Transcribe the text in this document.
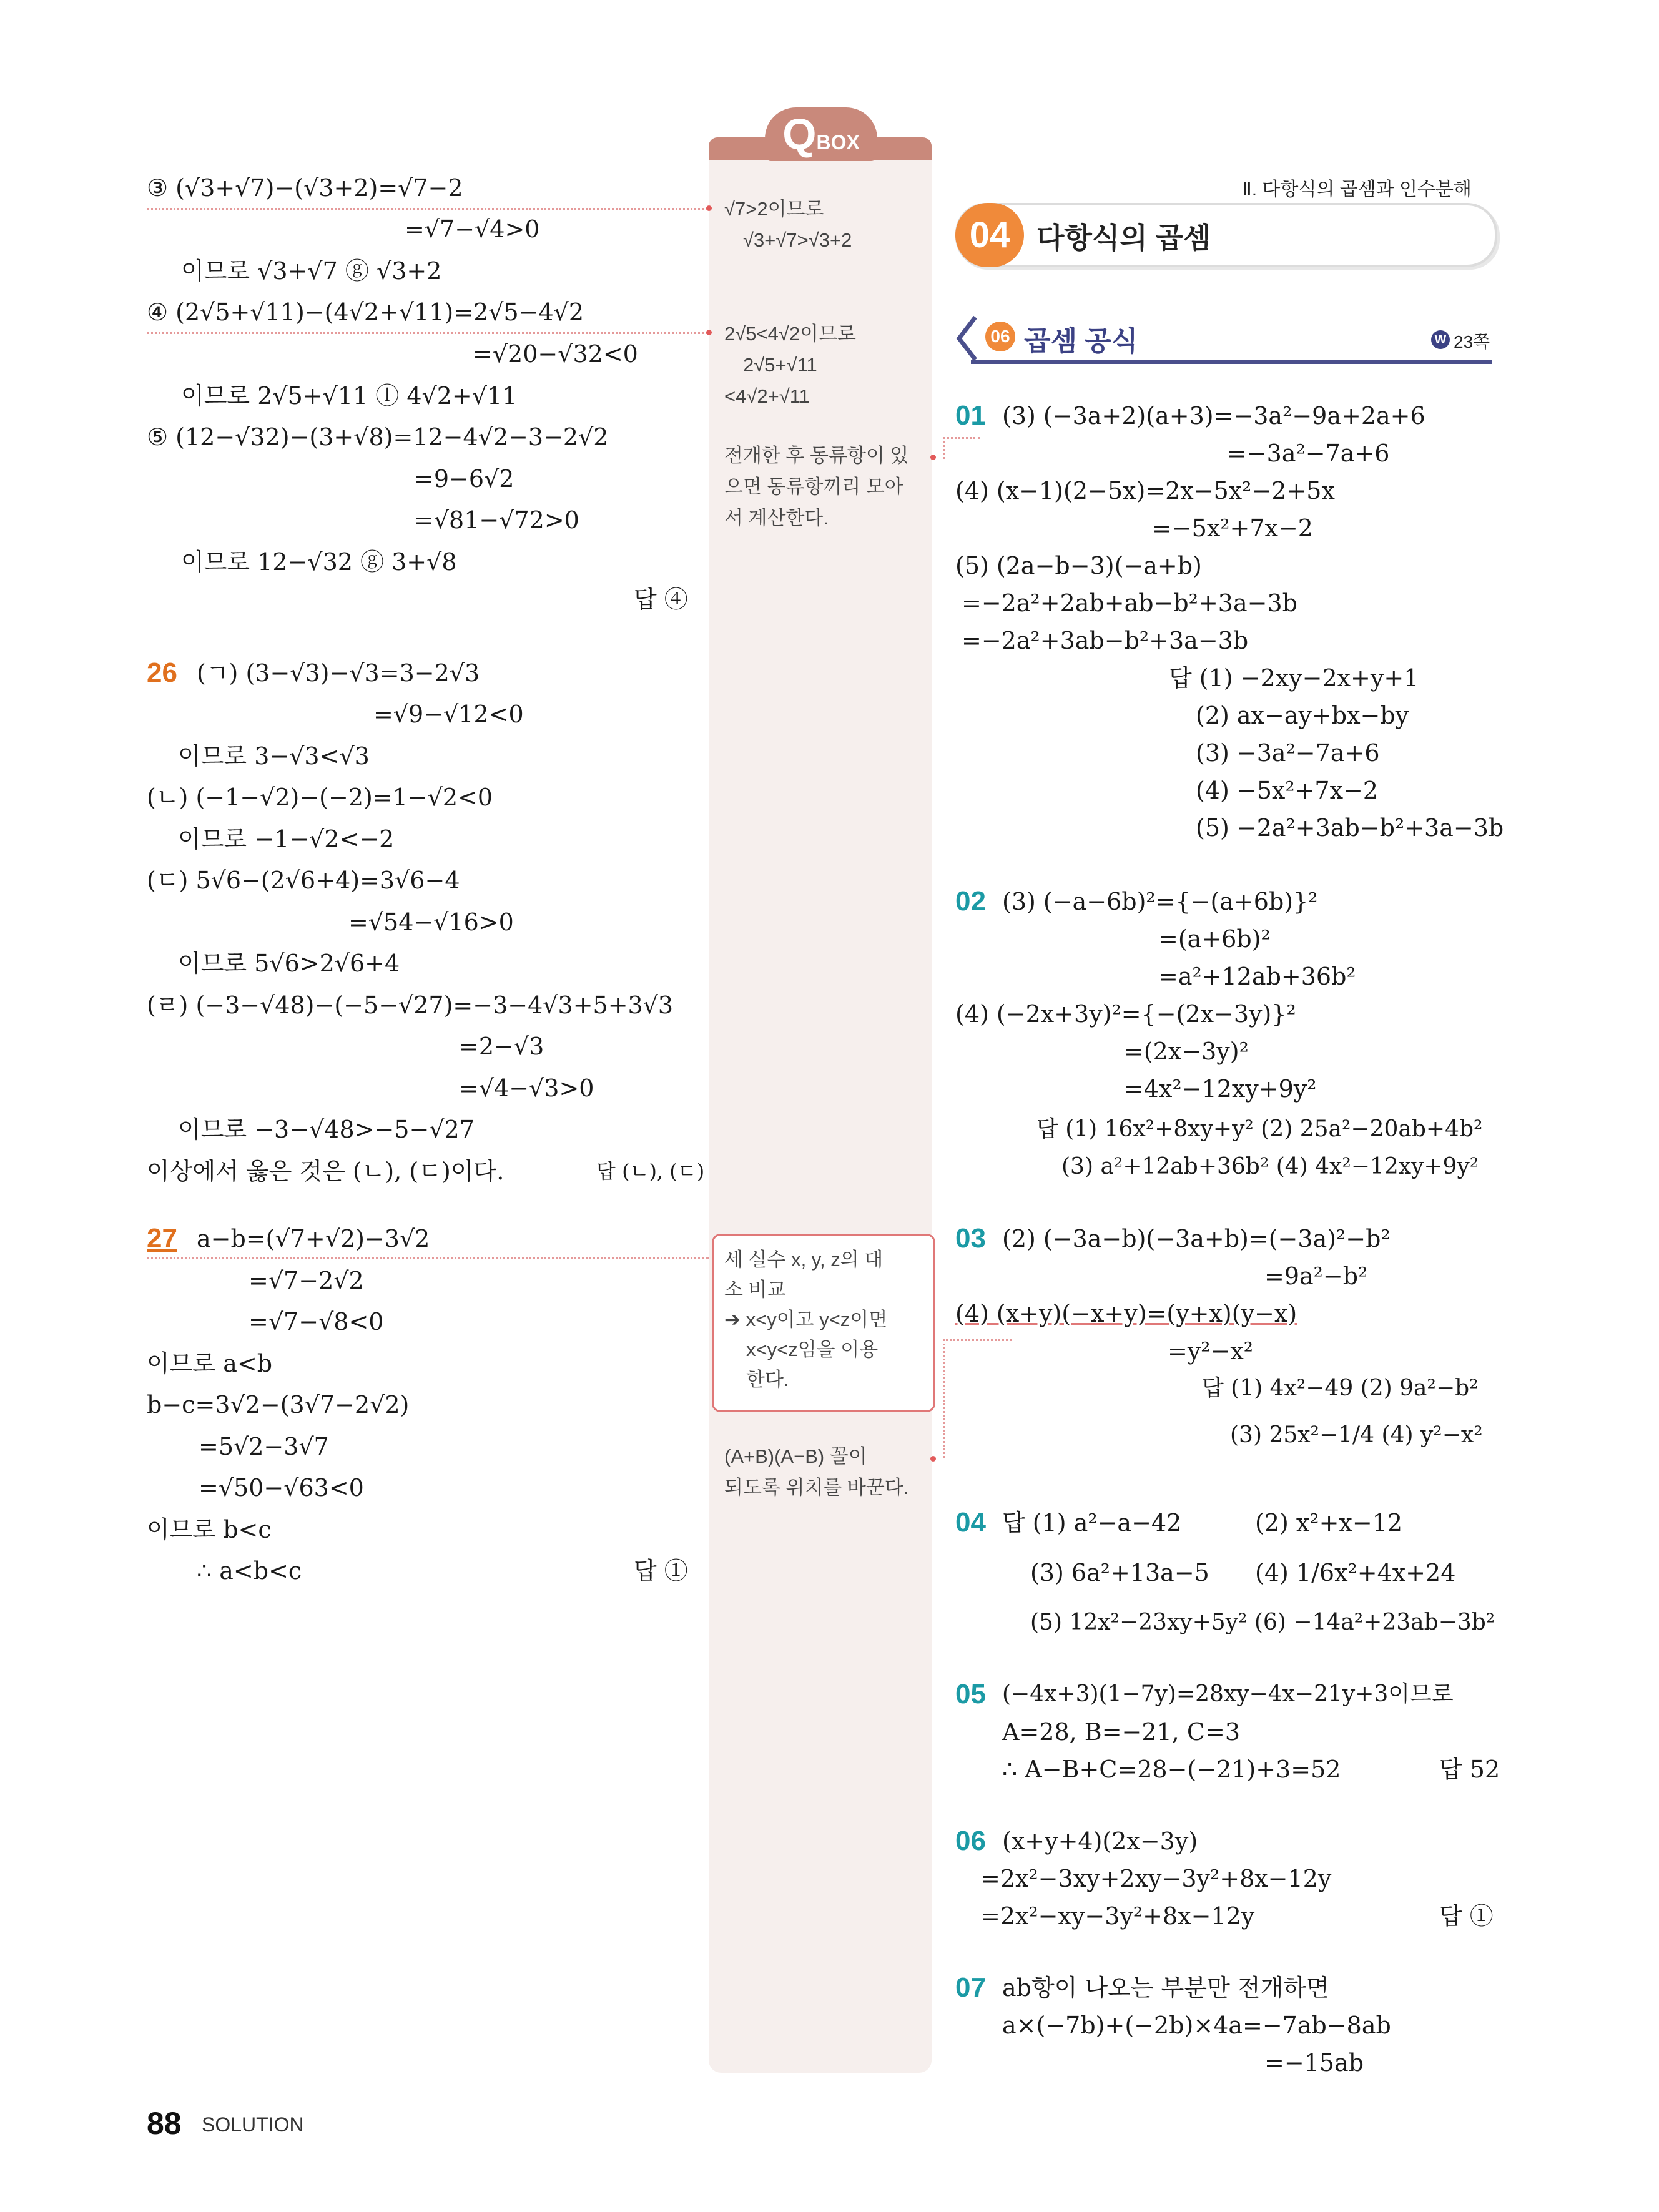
QBOX
③ (√3+√7)−(√3+2)=√7−2
=√7−√4>0
이므로 √3+√7 ⓖ √3+2
④ (2√5+√11)−(4√2+√11)=2√5−4√2
=√20−√32<0
이므로 2√5+√11 ⓛ 4√2+√11
⑤ (12−√32)−(3+√8)=12−4√2−3−2√2
=9−6√2
=√81−√72>0
이므로 12−√32 ⓖ 3+√8
답 ④
26 (ㄱ) (3−√3)−√3=3−2√3
=√9−√12<0
이므로 3−√3<√3
(ㄴ) (−1−√2)−(−2)=1−√2<0
이므로 −1−√2<−2
(ㄷ) 5√6−(2√6+4)=3√6−4
=√54−√16>0
이므로 5√6>2√6+4
(ㄹ) (−3−√48)−(−5−√27)=−3−4√3+5+3√3
=2−√3
=√4−√3>0
이므로 −3−√48>−5−√27
이상에서 옳은 것은 (ㄴ), (ㄷ)이다.	답 (ㄴ), (ㄷ)
27 a−b=(√7+√2)−3√2
=√7−2√2
=√7−√8<0
이므로 a<b
b−c=3√2−(3√7−2√2)
=5√2−3√7
=√50−√63<0
이므로 b<c
∴ a<b<c	답 ①
√7>2이므로
√3+√7>√3+2
2√5<4√2이므로
2√5+√11
<4√2+√11
전개한 후 동류항이 있
으면 동류항끼리 모아
서 계산한다.
세 실수 x, y, z의 대
소 비교
➔ x<y이고 y<z이면
x<y<z임을 이용
한다.
(A+B)(A−B) 꼴이
되도록 위치를 바꾼다.
Ⅱ. 다항식의 곱셈과 인수분해
04 다항식의 곱셈
06 곱셈 공식	W 23쪽
01 (3) (−3a+2)(a+3)=−3a²−9a+2a+6
=−3a²−7a+6
(4) (x−1)(2−5x)=2x−5x²−2+5x
=−5x²+7x−2
(5) (2a−b−3)(−a+b)
=−2a²+2ab+ab−b²+3a−3b
=−2a²+3ab−b²+3a−3b
답 (1) −2xy−2x+y+1
(2) ax−ay+bx−by
(3) −3a²−7a+6
(4) −5x²+7x−2
(5) −2a²+3ab−b²+3a−3b
02 (3) (−a−6b)²={−(a+6b)}²
=(a+6b)²
=a²+12ab+36b²
(4) (−2x+3y)²={−(2x−3y)}²
=(2x−3y)²
=4x²−12xy+9y²
답 (1) 16x²+8xy+y² (2) 25a²−20ab+4b²
(3) a²+12ab+36b² (4) 4x²−12xy+9y²
03 (2) (−3a−b)(−3a+b)=(−3a)²−b²
=9a²−b²
(4) (x+y)(−x+y)=(y+x)(y−x)
=y²−x²
답 (1) 4x²−49 (2) 9a²−b²
(3) 25x²−1/4 (4) y²−x²
04 답 (1) a²−a−42	(2) x²+x−12
(3) 6a²+13a−5 (4) 1/6x²+4x+24
(5) 12x²−23xy+5y² (6) −14a²+23ab−3b²
05 (−4x+3)(1−7y)=28xy−4x−21y+3이므로
A=28, B=−21, C=3
∴ A−B+C=28−(−21)+3=52	답 52
06 (x+y+4)(2x−3y)
=2x²−3xy+2xy−3y²+8x−12y
=2x²−xy−3y²+8x−12y	답 ①
07 ab항이 나오는 부분만 전개하면
a×(−7b)+(−2b)×4a=−7ab−8ab
=−15ab
88 SOLUTION
